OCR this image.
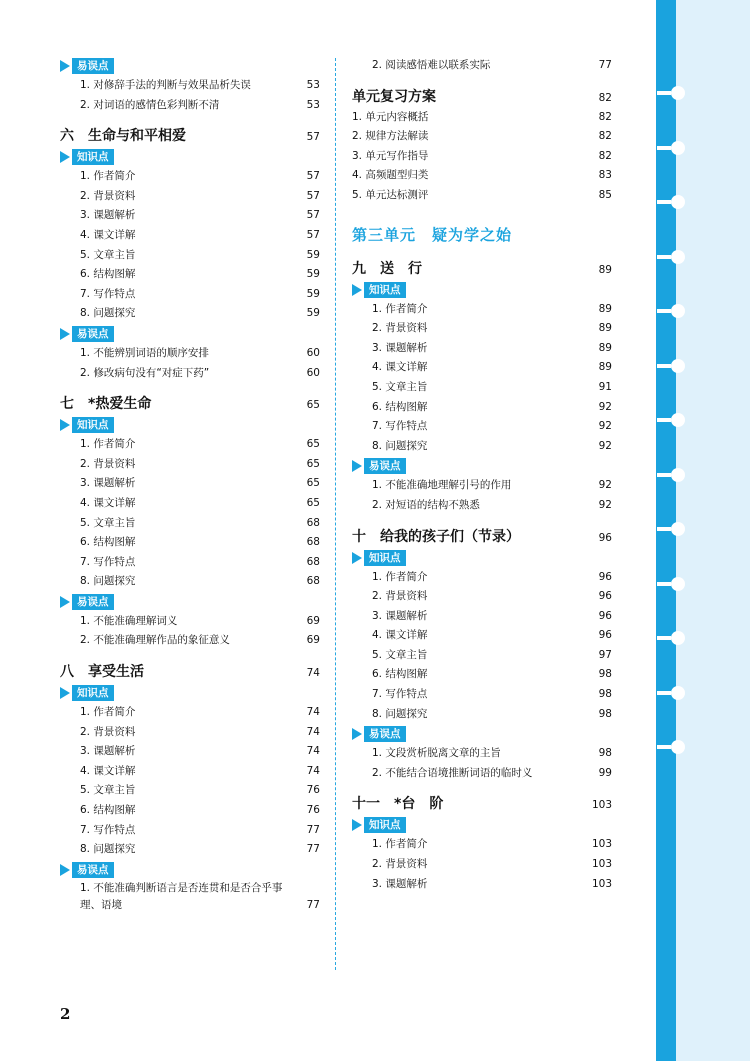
易误点
1. 对修辞手法的判断与效果品析失误	53
2. 对词语的感情色彩判断不清	53
六　生命与和平相爱	57
知识点
1. 作者简介	57
2. 背景资料	57
3. 课题解析	57
4. 课文详解	57
5. 文章主旨	59
6. 结构图解	59
7. 写作特点	59
8. 问题探究	59
易误点
1. 不能辨别词语的顺序安排	60
2. 修改病句没有“对症下药”	60
七　*热爱生命	65
知识点
1. 作者简介	65
2. 背景资料	65
3. 课题解析	65
4. 课文详解	65
5. 文章主旨	68
6. 结构图解	68
7. 写作特点	68
8. 问题探究	68
易误点
1. 不能准确理解词义	69
2. 不能准确理解作品的象征意义	69
八　享受生活	74
知识点
1. 作者简介	74
2. 背景资料	74
3. 课题解析	74
4. 课文详解	74
5. 文章主旨	76
6. 结构图解	76
7. 写作特点	77
8. 问题探究	77
易误点
1. 不能准确判断语言是否连贯和是否合乎事理、语境	77
2. 阅读感悟难以联系实际	77
单元复习方案	82
1. 单元内容概括	82
2. 规律方法解读	82
3. 单元写作指导	82
4. 高频题型归类	83
5. 单元达标测评	85
第三单元　疑为学之始
九　送　行	89
知识点
1. 作者简介	89
2. 背景资料	89
3. 课题解析	89
4. 课文详解	89
5. 文章主旨	91
6. 结构图解	92
7. 写作特点	92
8. 问题探究	92
易误点
1. 不能准确地理解引号的作用	92
2. 对短语的结构不熟悉	92
十　给我的孩子们（节录）	96
知识点
1. 作者简介	96
2. 背景资料	96
3. 课题解析	96
4. 课文详解	96
5. 文章主旨	97
6. 结构图解	98
7. 写作特点	98
8. 问题探究	98
易误点
1. 文段赏析脱离文章的主旨	98
2. 不能结合语境推断词语的临时义	99
十一　*台　阶	103
知识点
1. 作者简介	103
2. 背景资料	103
3. 课题解析	103
2
